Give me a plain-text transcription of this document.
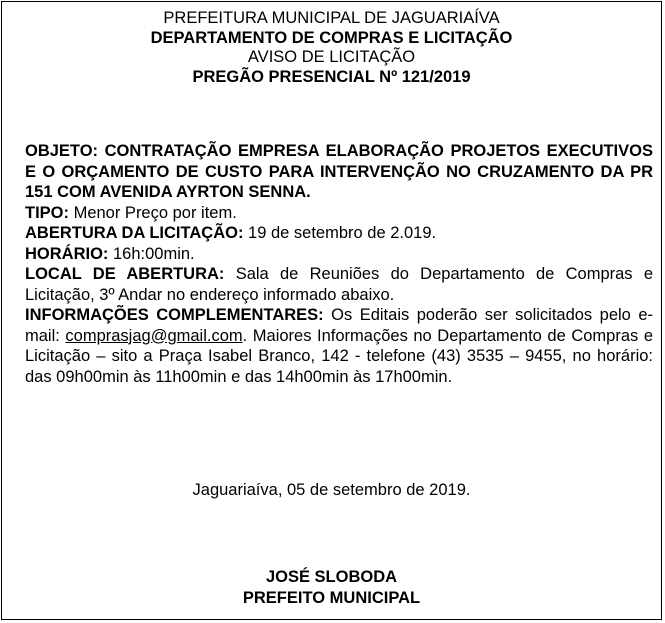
PREFEITURA MUNICIPAL DE JAGUARIAÍVA
DEPARTAMENTO DE COMPRAS E LICITAÇÃO
AVISO DE LICITAÇÃO
PREGÃO PRESENCIAL Nº 121/2019

OBJETO: CONTRATAÇÃO EMPRESA ELABORAÇÃO PROJETOS EXECUTIVOS E O ORÇAMENTO DE CUSTO PARA INTERVENÇÃO NO CRUZAMENTO DA PR 151 COM AVENIDA AYRTON SENNA.

TIPO: Menor Preço por item.

ABERTURA DA LICITAÇÃO: 19 de setembro de 2.019.

HORÁRIO: 16h:00min.

LOCAL DE ABERTURA: Sala de Reuniões do Departamento de Compras e Licitação, 3º Andar no endereço informado abaixo.

INFORMAÇÕES COMPLEMENTARES: Os Editais poderão ser solicitados pelo e-mail: comprasjag@gmail.com. Maiores Informações no Departamento de Compras e Licitação – sito a Praça Isabel Branco, 142 - telefone (43) 3535 – 9455, no horário: das 09h00min às 11h00min e das 14h00min às 17h00min.

Jaguariaíva, 05 de setembro de 2019.
JOSÉ SLOBODA
PREFEITO MUNICIPAL
